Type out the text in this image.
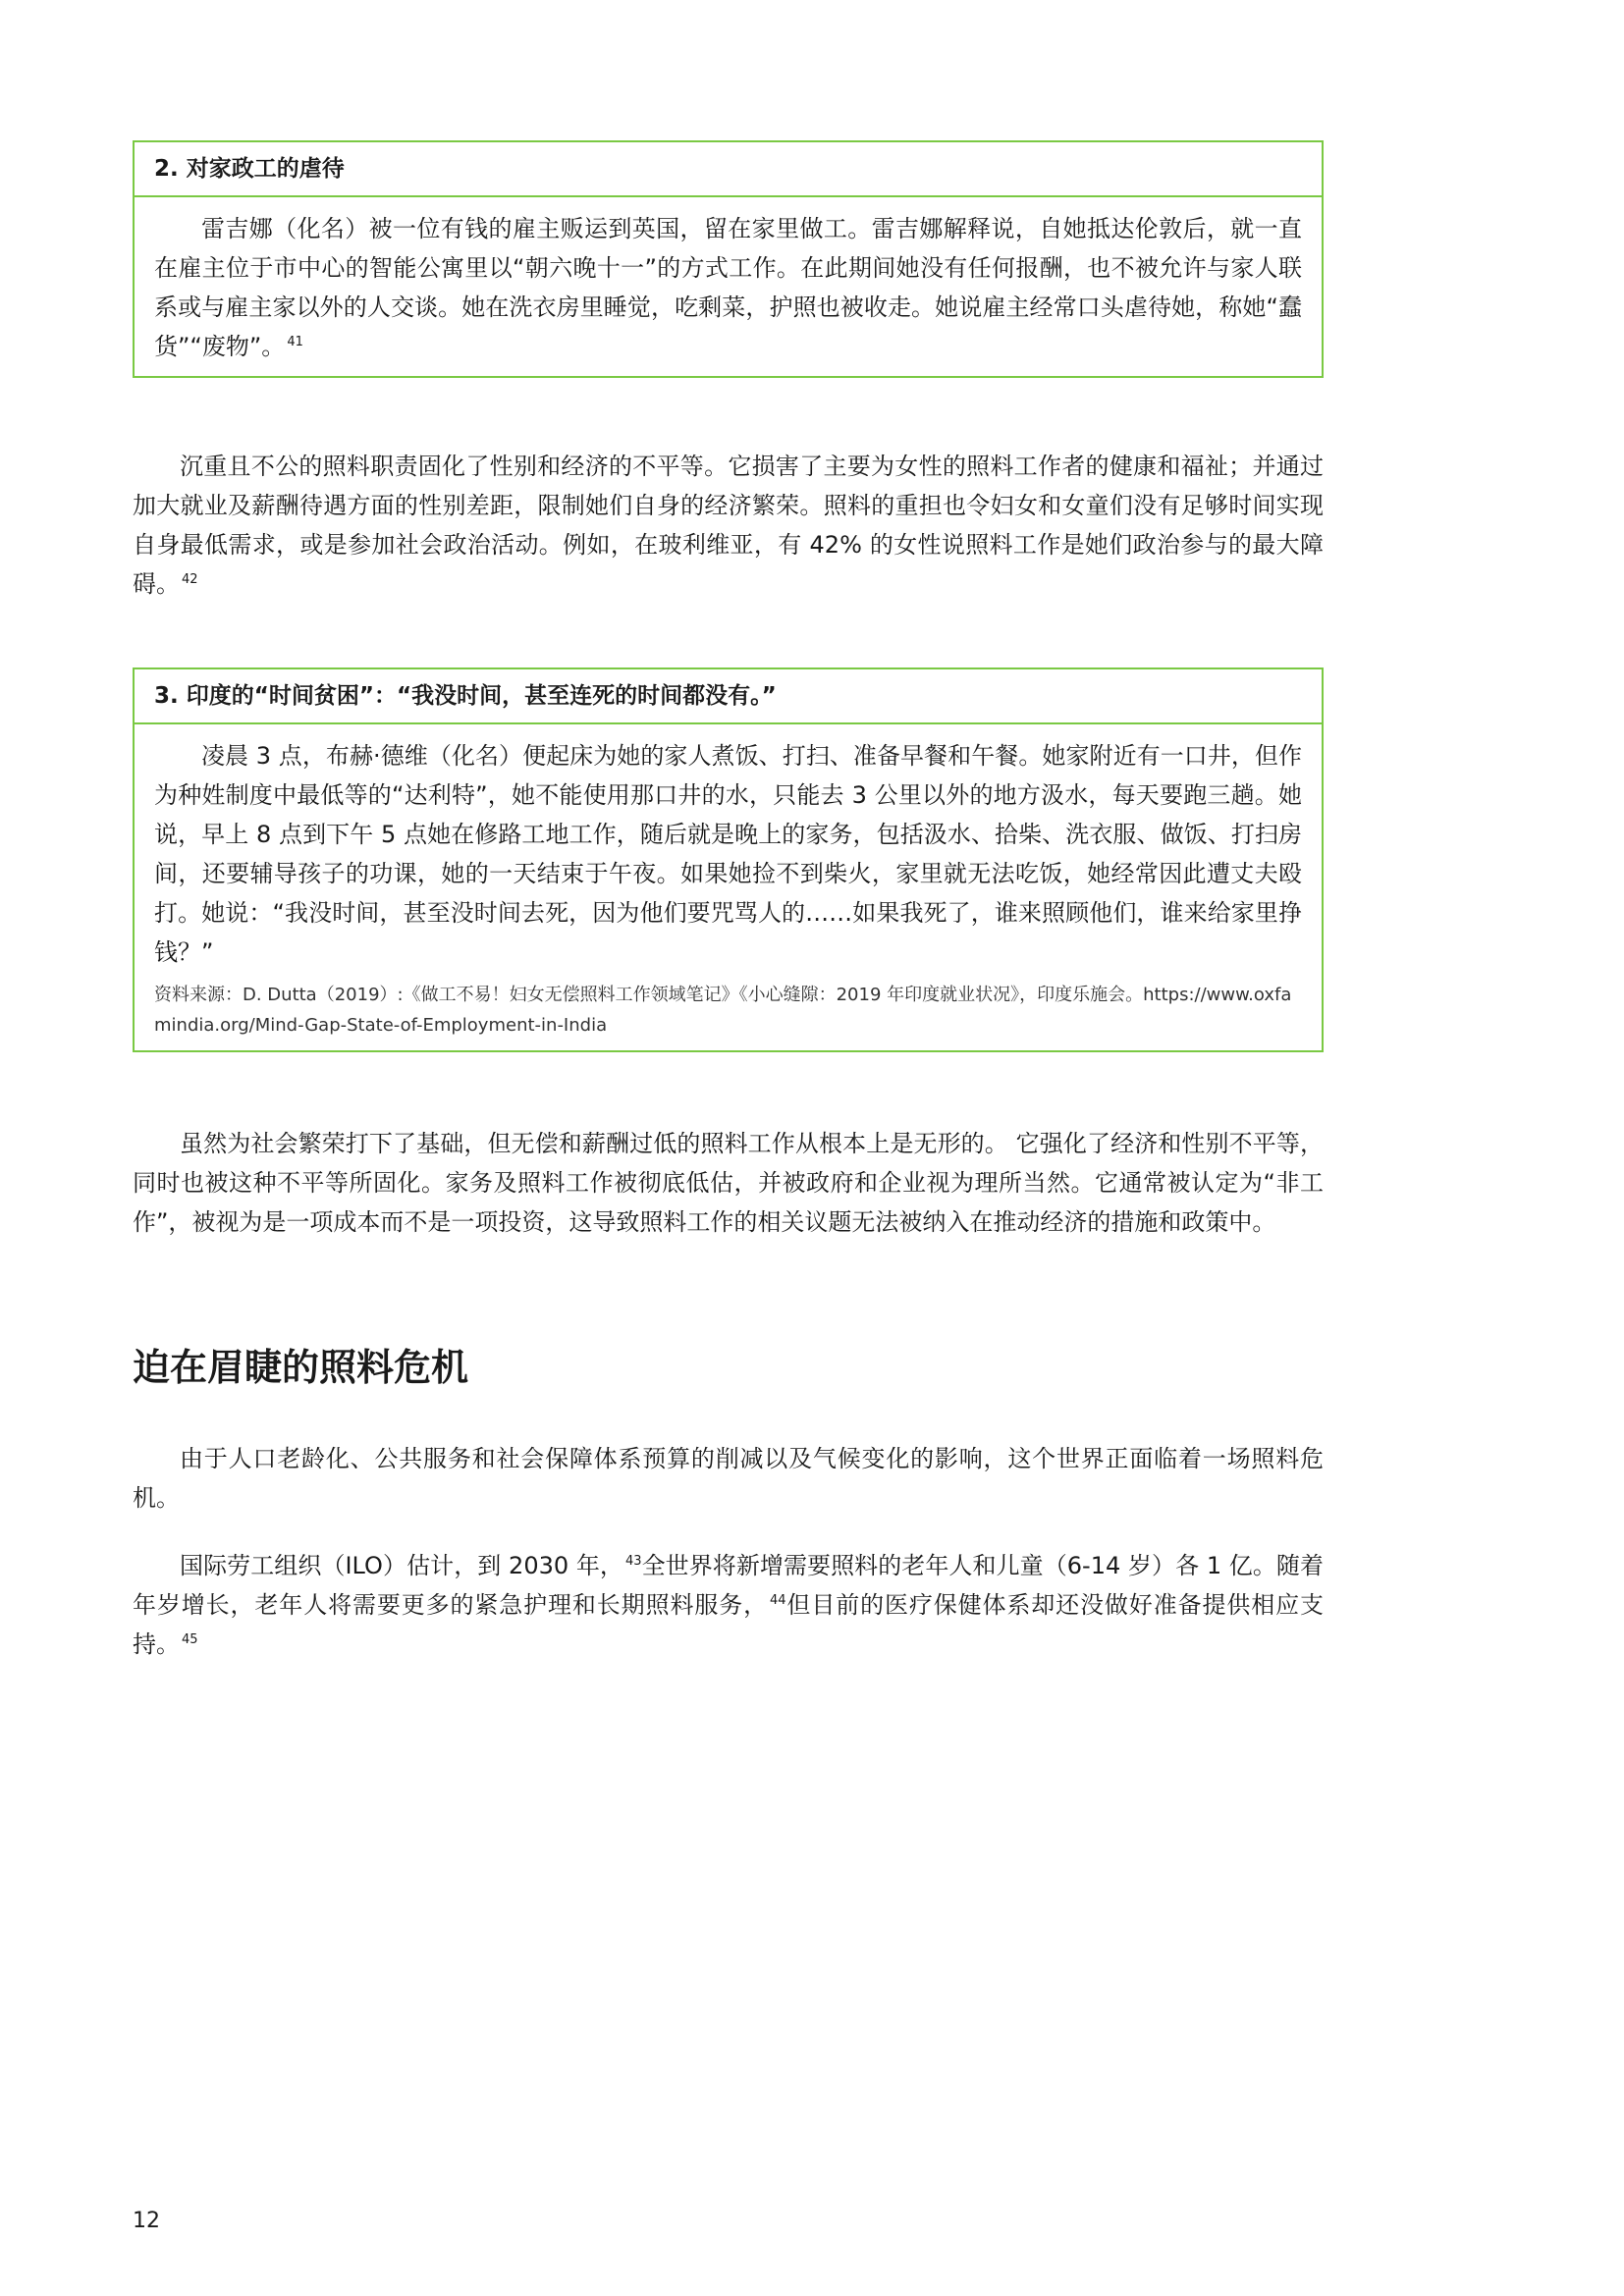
2. 对家政工的虐待

雷吉娜（化名）被一位有钱的雇主贩运到英国，留在家里做工。雷吉娜解释说，自她抵达伦敦后，就一直在雇主位于市中心的智能公寓里以“朝六晚十一”的方式工作。在此期间她没有任何报酬，也不被允许与家人联系或与雇主家以外的人交谈。她在洗衣房里睡觉，吃剩菜，护照也被收走。她说雇主经常口头虐待她，称她“蠢货”“废物”。 $^{41}$

沉重且不公的照料职责固化了性别和经济的不平等。它损害了主要为女性的照料工作者的健康和福祉；并通过加大就业及薪酬待遇方面的性别差距，限制她们自身的经济繁荣。照料的重担也令妇女和女童们没有足够时间实现自身最低需求，或是参加社会政治活动。例如，在玻利维亚，有 42% 的女性说照料工作是她们政治参与的最大障碍。 $^{42}$

3. 印度的“时间贫困”：“我没时间，甚至连死的时间都没有。”

凌晨 3 点，布赫·德维（化名）便起床为她的家人煮饭、打扫、准备早餐和午餐。她家附近有一口井，但作为种姓制度中最低等的“达利特”，她不能使用那口井的水，只能去 3 公里以外的地方汲水，每天要跑三趟。她说，早上 8 点到下午 5 点她在修路工地工作，随后就是晚上的家务，包括汲水、拾柴、洗衣服、做饭、打扫房间，还要辅导孩子的功课，她的一天结束于午夜。如果她捡不到柴火，家里就无法吃饭，她经常因此遭丈夫殴打。她说：“我没时间，甚至没时间去死，因为他们要咒骂人的……如果我死了，谁来照顾他们，谁来给家里挣钱？”

资料来源：D. Dutta（2019）:《做工不易！妇女无偿照料工作领域笔记》《小心缝隙：2019 年印度就业状况》，印度乐施会。https://www.oxfamindia.org/Mind-Gap-State-of-Employment-in-India

虽然为社会繁荣打下了基础，但无偿和薪酬过低的照料工作从根本上是无形的。 它强化了经济和性别不平等，同时也被这种不平等所固化。家务及照料工作被彻底低估，并被政府和企业视为理所当然。它通常被认定为“非工作”，被视为是一项成本而不是一项投资，这导致照料工作的相关议题无法被纳入在推动经济的措施和政策中。

迫在眉睫的照料危机

由于人口老龄化、公共服务和社会保障体系预算的削减以及气候变化的影响，这个世界正面临着一场照料危机。

国际劳工组织（ILO）估计，到 2030 年， $^{43}$全世界将新增需要照料的老年人和儿童（6-14 岁）各 1 亿。随着年岁增长，老年人将需要更多的紧急护理和长期照料服务， $^{44}$但目前的医疗保健体系却还没做好准备提供相应支持。 $^{45}$

12
